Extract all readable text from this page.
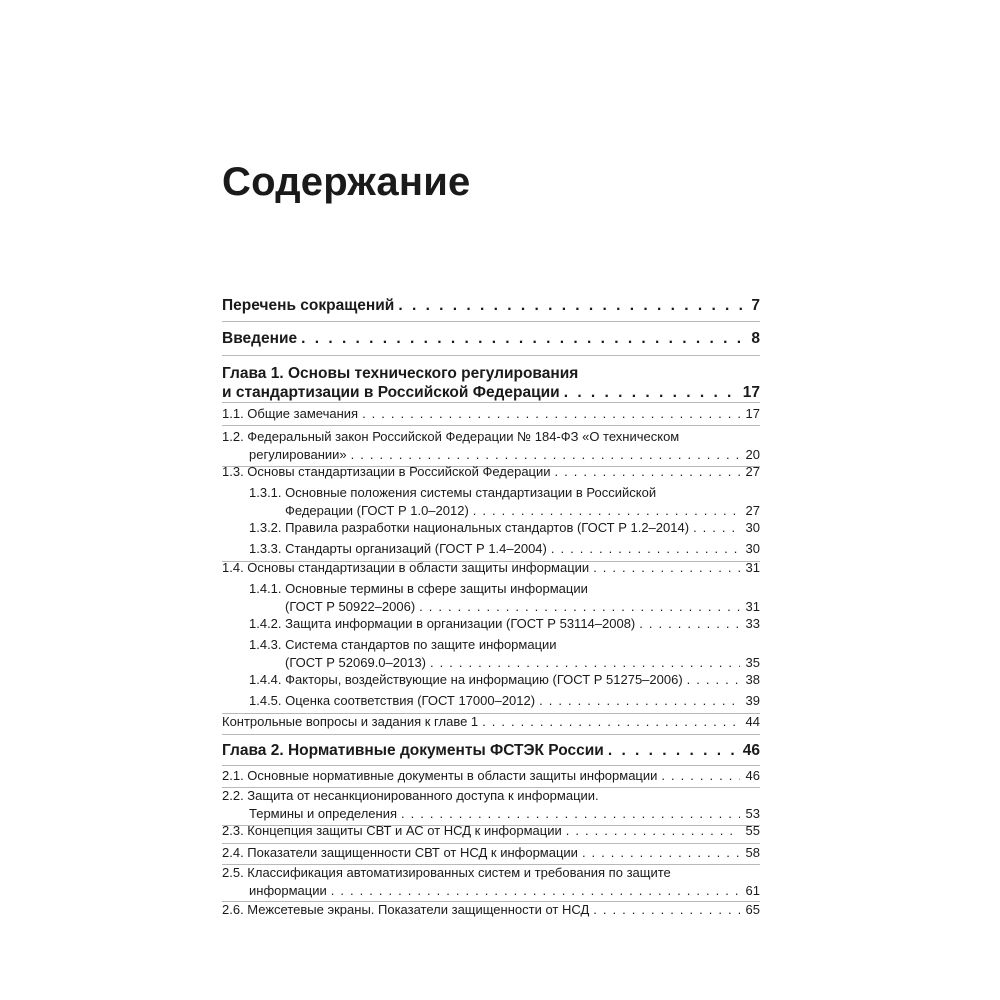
Содержание
Перечень сокращений . . .	7
Введение . . .	8
Глава 1. Основы технического регулирования
и стандартизации в Российской Федерации . . .	17
1.1. Общие замечания . . .	17
1.2. Федеральный закон Российской Федерации № 184-ФЗ «О техническом
регулировании» . . .	20
1.3. Основы стандартизации в Российской Федерации . . .	27
1.3.1. Основные положения системы стандартизации в Российской
Федерации (ГОСТ Р 1.0–2012) . . .	27
1.3.2. Правила разработки национальных стандартов (ГОСТ Р 1.2–2014) . . .	30
1.3.3. Стандарты организаций (ГОСТ Р 1.4–2004) . . .	30
1.4. Основы стандартизации в области защиты информации . . .	31
1.4.1. Основные термины в сфере защиты информации
(ГОСТ Р 50922–2006) . . .	31
1.4.2. Защита информации в организации (ГОСТ Р 53114–2008) . . .	33
1.4.3. Система стандартов по защите информации
(ГОСТ Р 52069.0–2013) . . .	35
1.4.4. Факторы, воздействующие на информацию (ГОСТ Р 51275–2006) . . .	38
1.4.5. Оценка соответствия (ГОСТ 17000–2012) . . .	39
Контрольные вопросы и задания к главе 1 . . .	44
Глава 2. Нормативные документы ФСТЭК России . . .	46
2.1. Основные нормативные документы в области защиты информации . . .	46
2.2. Защита от несанкционированного доступа к информации.
Термины и определения . . .	53
2.3. Концепция защиты СВТ и АС от НСД к информации . . .	55
2.4. Показатели защищенности СВТ от НСД к информации . . .	58
2.5. Классификация автоматизированных систем и требования по защите
информации . . .	61
2.6. Межсетевые экраны. Показатели защищенности от НСД . . .	65
